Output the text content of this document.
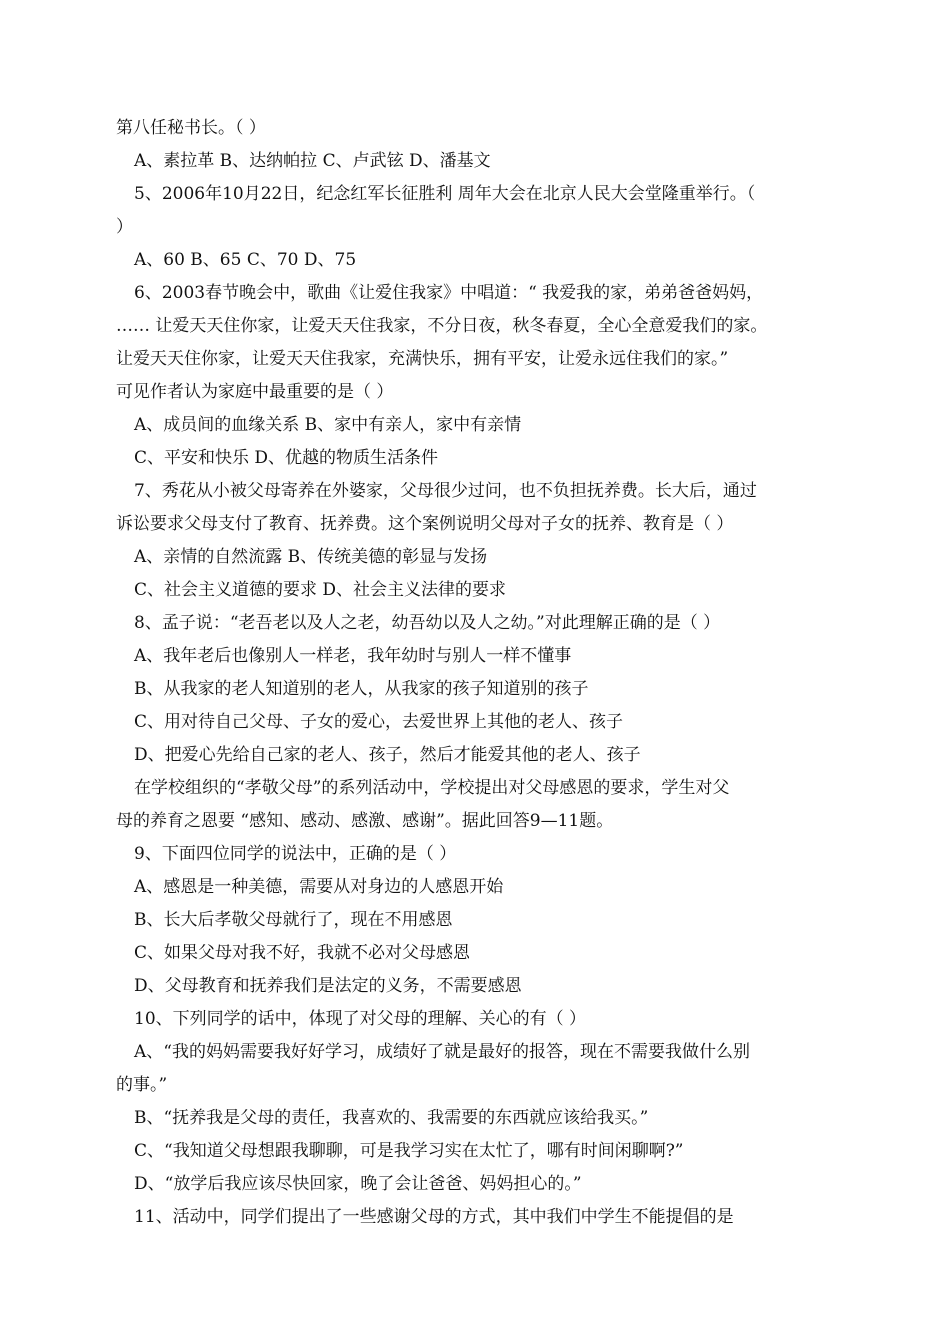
第八任秘书长。（ ）
A、素拉革 B、达纳帕拉 C、卢武铉 D、潘基文
5、2006年10月22日，纪念红军长征胜利 周年大会在北京人民大会堂隆重举行。（
）
A、60 B、65 C、70 D、75
6、2003春节晚会中，歌曲《让爱住我家》中唱道：“ 我爱我的家，弟弟爸爸妈妈，
…… 让爱天天住你家，让爱天天住我家，不分日夜，秋冬春夏，全心全意爱我们的家。
让爱天天住你家，让爱天天住我家，充满快乐，拥有平安，让爱永远住我们的家。”
可见作者认为家庭中最重要的是（ ）
A、成员间的血缘关系 B、家中有亲人，家中有亲情
C、平安和快乐 D、优越的物质生活条件
7、秀花从小被父母寄养在外婆家，父母很少过问，也不负担抚养费。长大后，通过
诉讼要求父母支付了教育、抚养费。这个案例说明父母对子女的抚养、教育是（ ）
A、亲情的自然流露 B、传统美德的彰显与发扬
C、社会主义道德的要求 D、社会主义法律的要求
8、孟子说：“老吾老以及人之老，幼吾幼以及人之幼。”对此理解正确的是（ ）
A、我年老后也像别人一样老，我年幼时与别人一样不懂事
B、从我家的老人知道别的老人，从我家的孩子知道别的孩子
C、用对待自己父母、子女的爱心，去爱世界上其他的老人、孩子
D、把爱心先给自己家的老人、孩子，然后才能爱其他的老人、孩子
在学校组织的“孝敬父母”的系列活动中，学校提出对父母感恩的要求，学生对父
母的养育之恩要 “感知、感动、感激、感谢”。据此回答9—11题。
9、下面四位同学的说法中，正确的是（ ）
A、感恩是一种美德，需要从对身边的人感恩开始
B、长大后孝敬父母就行了，现在不用感恩
C、如果父母对我不好，我就不必对父母感恩
D、父母教育和抚养我们是法定的义务，不需要感恩
10、下列同学的话中，体现了对父母的理解、关心的有（ ）
A、“我的妈妈需要我好好学习，成绩好了就是最好的报答，现在不需要我做什么别
的事。”
B、“抚养我是父母的责任，我喜欢的、我需要的东西就应该给我买。”
C、“我知道父母想跟我聊聊，可是我学习实在太忙了，哪有时间闲聊啊?”
D、“放学后我应该尽快回家，晚了会让爸爸、妈妈担心的。”
11、活动中，同学们提出了一些感谢父母的方式，其中我们中学生不能提倡的是
